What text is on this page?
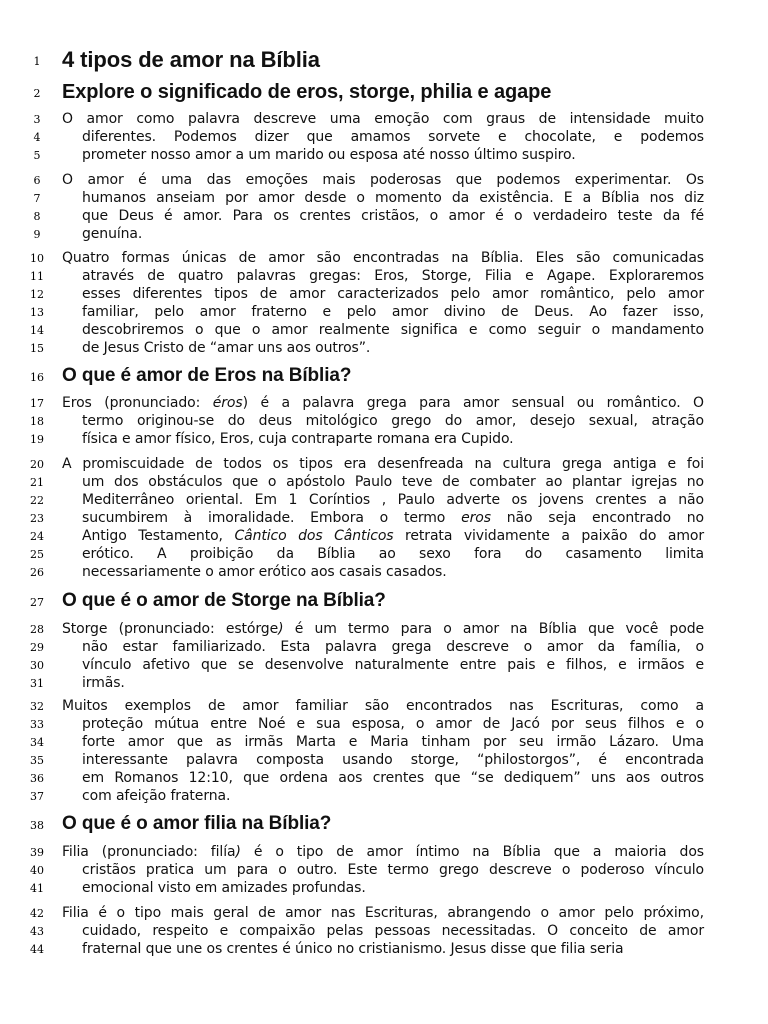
1 4 tipos de amor na Bíblia
2	Explore o significado de eros, storge, philia e agape
3	O amor como palavra descreve uma emoção com graus de intensidade muito
4	diferentes. Podemos dizer que amamos sorvete e chocolate, e podemos
5	prometer nosso amor a um marido ou esposa até nosso último suspiro.
6	O amor é uma das emoções mais poderosas que podemos experimentar. Os
7	humanos anseiam por amor desde o momento da existência. E a Bíblia nos diz
8	que Deus é amor. Para os crentes cristãos, o amor é o verdadeiro teste da fé
9	genuína.
10	Quatro formas únicas de amor são encontradas na Bíblia. Eles são comunicadas
11	através de quatro palavras gregas: Eros, Storge, Filia e Agape. Exploraremos
12	esses diferentes tipos de amor caracterizados pelo amor romântico, pelo amor
13	familiar, pelo amor fraterno e pelo amor divino de Deus. Ao fazer isso,
14	descobriremos o que o amor realmente significa e como seguir o mandamento
15	de Jesus Cristo de “amar uns aos outros”.
16 O que é amor de Eros na Bíblia?
17	Eros (pronunciado: éros) é a palavra grega para amor sensual ou romântico. O
18	termo originou-se do deus mitológico grego do amor, desejo sexual, atração
19	física e amor físico, Eros, cuja contraparte romana era Cupido.
20	A promiscuidade de todos os tipos era desenfreada na cultura grega antiga e foi
21	um dos obstáculos que o apóstolo Paulo teve de combater ao plantar igrejas no
22	Mediterrâneo oriental. Em 1 Coríntios , Paulo adverte os jovens crentes a não
23	sucumbirem à imoralidade. Embora o termo eros não seja encontrado no
24	Antigo Testamento, Cântico dos Cânticos retrata vividamente a paixão do amor
25	erótico. A proibição da Bíblia ao sexo fora do casamento limita
26	necessariamente o amor erótico aos casais casados.
27 O que é o amor de Storge na Bíblia?
28	Storge (pronunciado: estórge) é um termo para o amor na Bíblia que você pode
29	não estar familiarizado. Esta palavra grega descreve o amor da família, o
30	vínculo afetivo que se desenvolve naturalmente entre pais e filhos, e irmãos e
31	irmãs.
32	Muitos exemplos de amor familiar são encontrados nas Escrituras, como a
33	proteção mútua entre Noé e sua esposa, o amor de Jacó por seus filhos e o
34	forte amor que as irmãs Marta e Maria tinham por seu irmão Lázaro. Uma
35	interessante palavra composta usando storge, “philostorgos”, é encontrada
36	em Romanos 12:10, que ordena aos crentes que “se dediquem” uns aos outros
37	com afeição fraterna.
38 O que é o amor filia na Bíblia?
39	Filia (pronunciado: filía) é o tipo de amor íntimo na Bíblia que a maioria dos
40	cristãos pratica um para o outro. Este termo grego descreve o poderoso vínculo
41	emocional visto em amizades profundas.
42	Filia é o tipo mais geral de amor nas Escrituras, abrangendo o amor pelo próximo,
43	cuidado, respeito e compaixão pelas pessoas necessitadas. O conceito de amor
44	fraternal que une os crentes é único no cristianismo. Jesus disse que filia seria
